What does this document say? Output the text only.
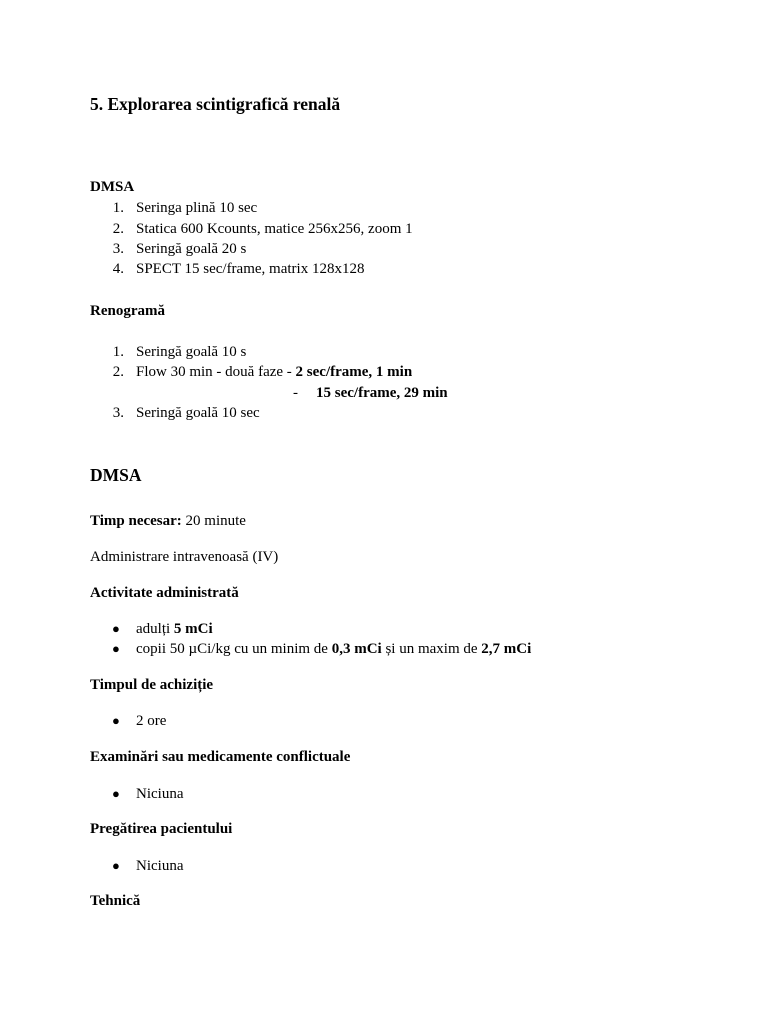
5. Explorarea scintigrafică renală
DMSA
1. Seringa plină 10 sec
2. Statica 600 Kcounts, matice 256x256, zoom 1
3. Seringă goală 20 s
4. SPECT 15 sec/frame, matrix 128x128
Renogramă
1. Seringă goală 10 s
2. Flow 30 min - două faze - 2 sec/frame, 1 min
- 15 sec/frame, 29 min
3. Seringă goală 10 sec
DMSA
Timp necesar: 20 minute
Administrare intravenoasă (IV)
Activitate administrată
● adulți 5 mCi
● copii 50 µCi/kg cu un minim de 0,3 mCi și un maxim de 2,7 mCi
Timpul de achiziție
● 2 ore
Examinări sau medicamente conflictuale
● Niciuna
Pregătirea pacientului
● Niciuna
Tehnică
